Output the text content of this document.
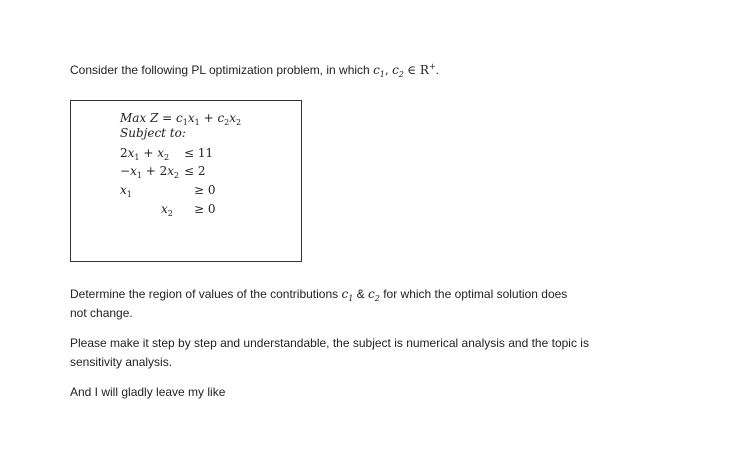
Consider the following PL optimization problem, in which $c_1$, $c_2$ ∈ R+.
Max $Z = c_1x_1 + c_2x_2$
Subject to:
$2x_1 + x_2 \le 11$
$-x_1 + 2x_2 \le 2$
$x_1$	≥ 0
$x_2 \ge 0$
Determine the region of values of the contributions $c_1$ & $c_2$ for which the optimal solution does
not change.
Please make it step by step and understandable, the subject is numerical analysis and the topic is
sensitivity analysis.
And I will gladly leave my like
